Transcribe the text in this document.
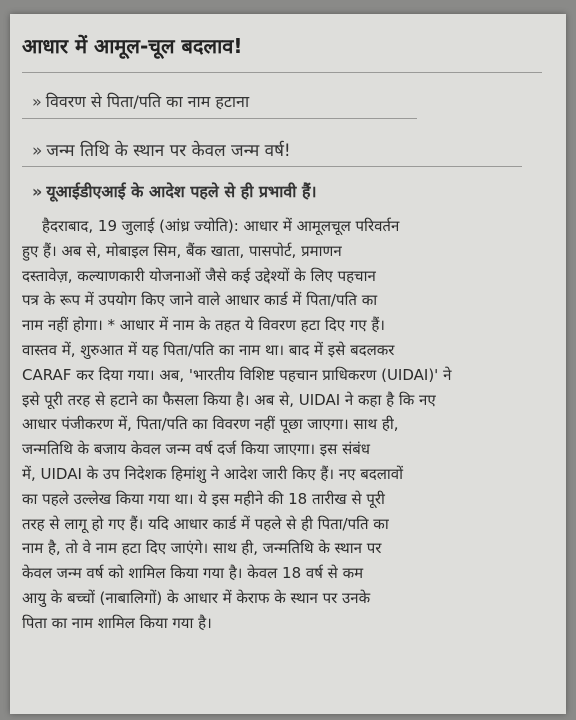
आधार में आमूल-चूल बदलाव!
» विवरण से पिता/पति का नाम हटाना
» जन्म तिथि के स्थान पर केवल जन्म वर्ष!
» यूआईडीएआई के आदेश पहले से ही प्रभावी हैं।

हैदराबाद, 19 जुलाई (आंध्र ज्योति): आधार में आमूलचूल परिवर्तन
हुए हैं। अब से, मोबाइल सिम, बैंक खाता, पासपोर्ट, प्रमाणन
दस्तावेज़, कल्याणकारी योजनाओं जैसे कई उद्देश्यों के लिए पहचान
पत्र के रूप में उपयोग किए जाने वाले आधार कार्ड में पिता/पति का
नाम नहीं होगा। * आधार में नाम के तहत ये विवरण हटा दिए गए हैं।
वास्तव में, शुरुआत में यह पिता/पति का नाम था। बाद में इसे बदलकर
CARAF कर दिया गया। अब, 'भारतीय विशिष्ट पहचान प्राधिकरण (UIDAI)' ने
इसे पूरी तरह से हटाने का फैसला किया है। अब से, UIDAI ने कहा है कि नए
आधार पंजीकरण में, पिता/पति का विवरण नहीं पूछा जाएगा। साथ ही,
जन्मतिथि के बजाय केवल जन्म वर्ष दर्ज किया जाएगा। इस संबंध
में, UIDAI के उप निदेशक हिमांशु ने आदेश जारी किए हैं। नए बदलावों
का पहले उल्लेख किया गया था। ये इस महीने की 18 तारीख से पूरी
तरह से लागू हो गए हैं। यदि आधार कार्ड में पहले से ही पिता/पति का
नाम है, तो वे नाम हटा दिए जाएंगे। साथ ही, जन्मतिथि के स्थान पर
केवल जन्म वर्ष को शामिल किया गया है। केवल 18 वर्ष से कम
आयु के बच्चों (नाबालिगों) के आधार में केराफ के स्थान पर उनके
पिता का नाम शामिल किया गया है।
